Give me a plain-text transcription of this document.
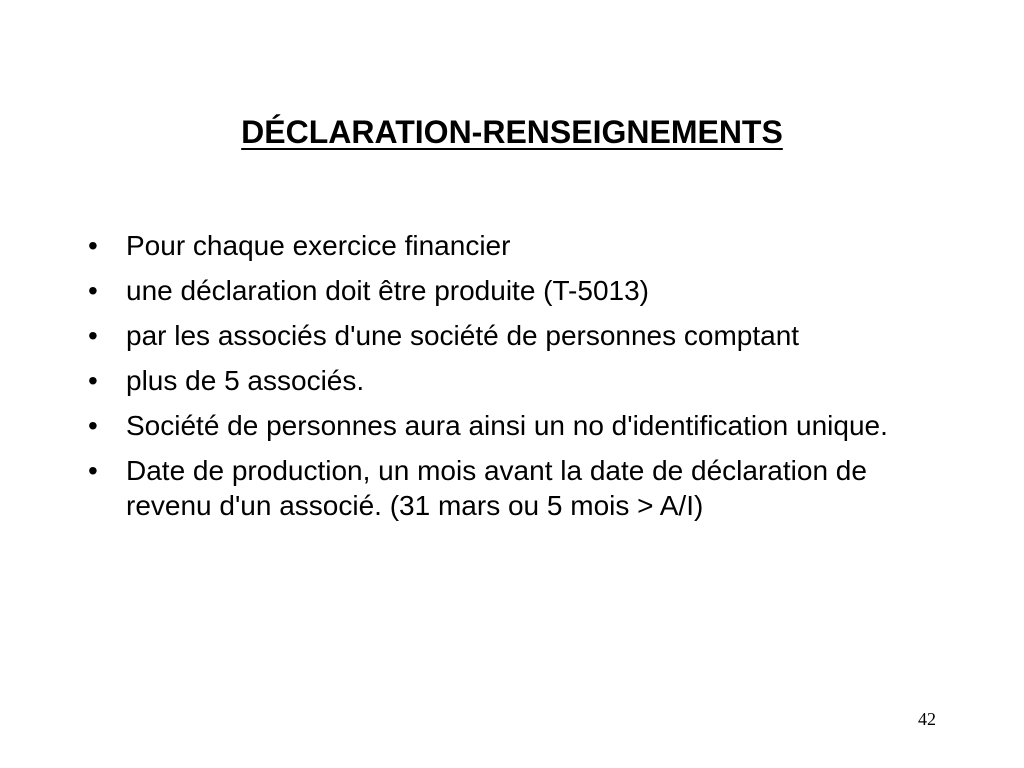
DÉCLARATION-RENSEIGNEMENTS
•	Pour chaque exercice financier
•	une déclaration doit être produite (T-5013)
•	par les associés d'une société de personnes comptant
•	plus de 5 associés.
•	Société de personnes aura ainsi un no d'identification unique.
•	Date de production, un mois avant la date de déclaration de revenu d'un associé. (31 mars ou 5 mois > A/I)
42
